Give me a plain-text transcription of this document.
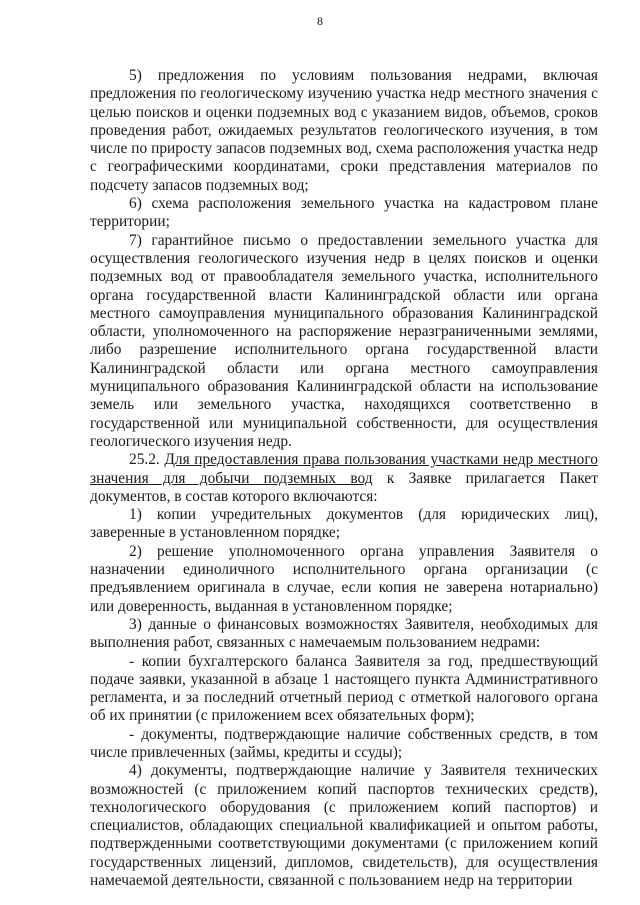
8

5) предложения по условиям пользования недрами, включая предложения по геологическому изучению участка недр местного значения с целью поисков и оценки подземных вод с указанием видов, объемов, сроков проведения работ, ожидаемых результатов геологического изучения, в том числе по приросту запасов подземных вод, схема расположения участка недр с географическими координатами, сроки представления материалов по подсчету запасов подземных вод;

6) схема расположения земельного участка на кадастровом плане территории;

7) гарантийное письмо о предоставлении земельного участка для осуществления геологического изучения недр в целях поисков и оценки подземных вод от правообладателя земельного участка, исполнительного органа государственной власти Калининградской области или органа местного самоуправления муниципального образования Калининградской области, уполномоченного на распоряжение неразграниченными землями, либо разрешение исполнительного органа государственной власти Калининградской области или органа местного самоуправления муниципального образования Калининградской области на использование земель или земельного участка, находящихся соответственно в государственной или муниципальной собственности, для осуществления геологического изучения недр.

25.2. Для предоставления права пользования участками недр местного значения для добычи подземных вод к Заявке прилагается Пакет документов, в состав которого включаются:

1) копии учредительных документов (для юридических лиц), заверенные в установленном порядке;

2) решение уполномоченного органа управления Заявителя о назначении единоличного исполнительного органа организации (с предъявлением оригинала в случае, если копия не заверена нотариально) или доверенность, выданная в установленном порядке;

3) данные о финансовых возможностях Заявителя, необходимых для выполнения работ, связанных с намечаемым пользованием недрами:

- копии бухгалтерского баланса Заявителя за год, предшествующий подаче заявки, указанной в абзаце 1 настоящего пункта Административного регламента, и за последний отчетный период с отметкой налогового органа об их принятии (с приложением всех обязательных форм);

- документы, подтверждающие наличие собственных средств, в том числе привлеченных (займы, кредиты и ссуды);

4) документы, подтверждающие наличие у Заявителя технических возможностей (с приложением копий паспортов технических средств), технологического оборудования (с приложением копий паспортов) и специалистов, обладающих специальной квалификацией и опытом работы, подтвержденными соответствующими документами (с приложением копий государственных лицензий, дипломов, свидетельств), для осуществления намечаемой деятельности, связанной с пользованием недр на территории
